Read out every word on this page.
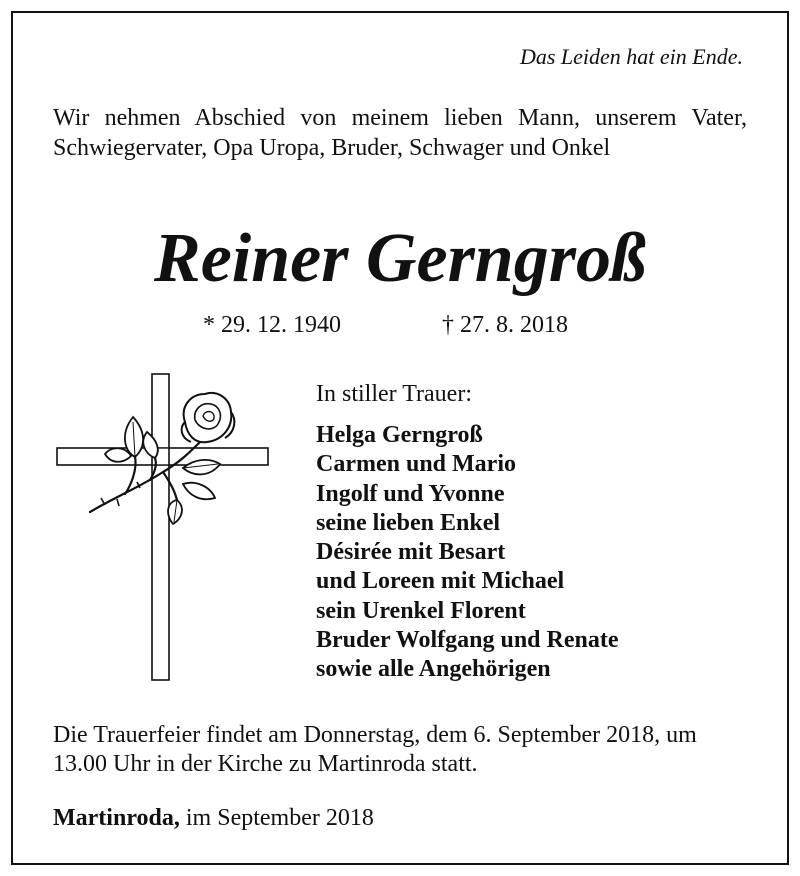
Das Leiden hat ein Ende.
Wir nehmen Abschied von meinem lieben Mann, unserem Vater, Schwiegervater, Opa Uropa, Bruder, Schwager und Onkel
Reiner Gerngroß
* 29. 12. 1940	† 27. 8. 2018
In stiller Trauer:
Helga Gerngroß
Carmen und Mario
Ingolf und Yvonne
seine lieben Enkel
Désirée mit Besart
und Loreen mit Michael
sein Urenkel Florent
Bruder Wolfgang und Renate
sowie alle Angehörigen
Die Trauerfeier findet am Donnerstag, dem 6. September 2018, um 13.00 Uhr in der Kirche zu Martinroda statt.
Martinroda, im September 2018
